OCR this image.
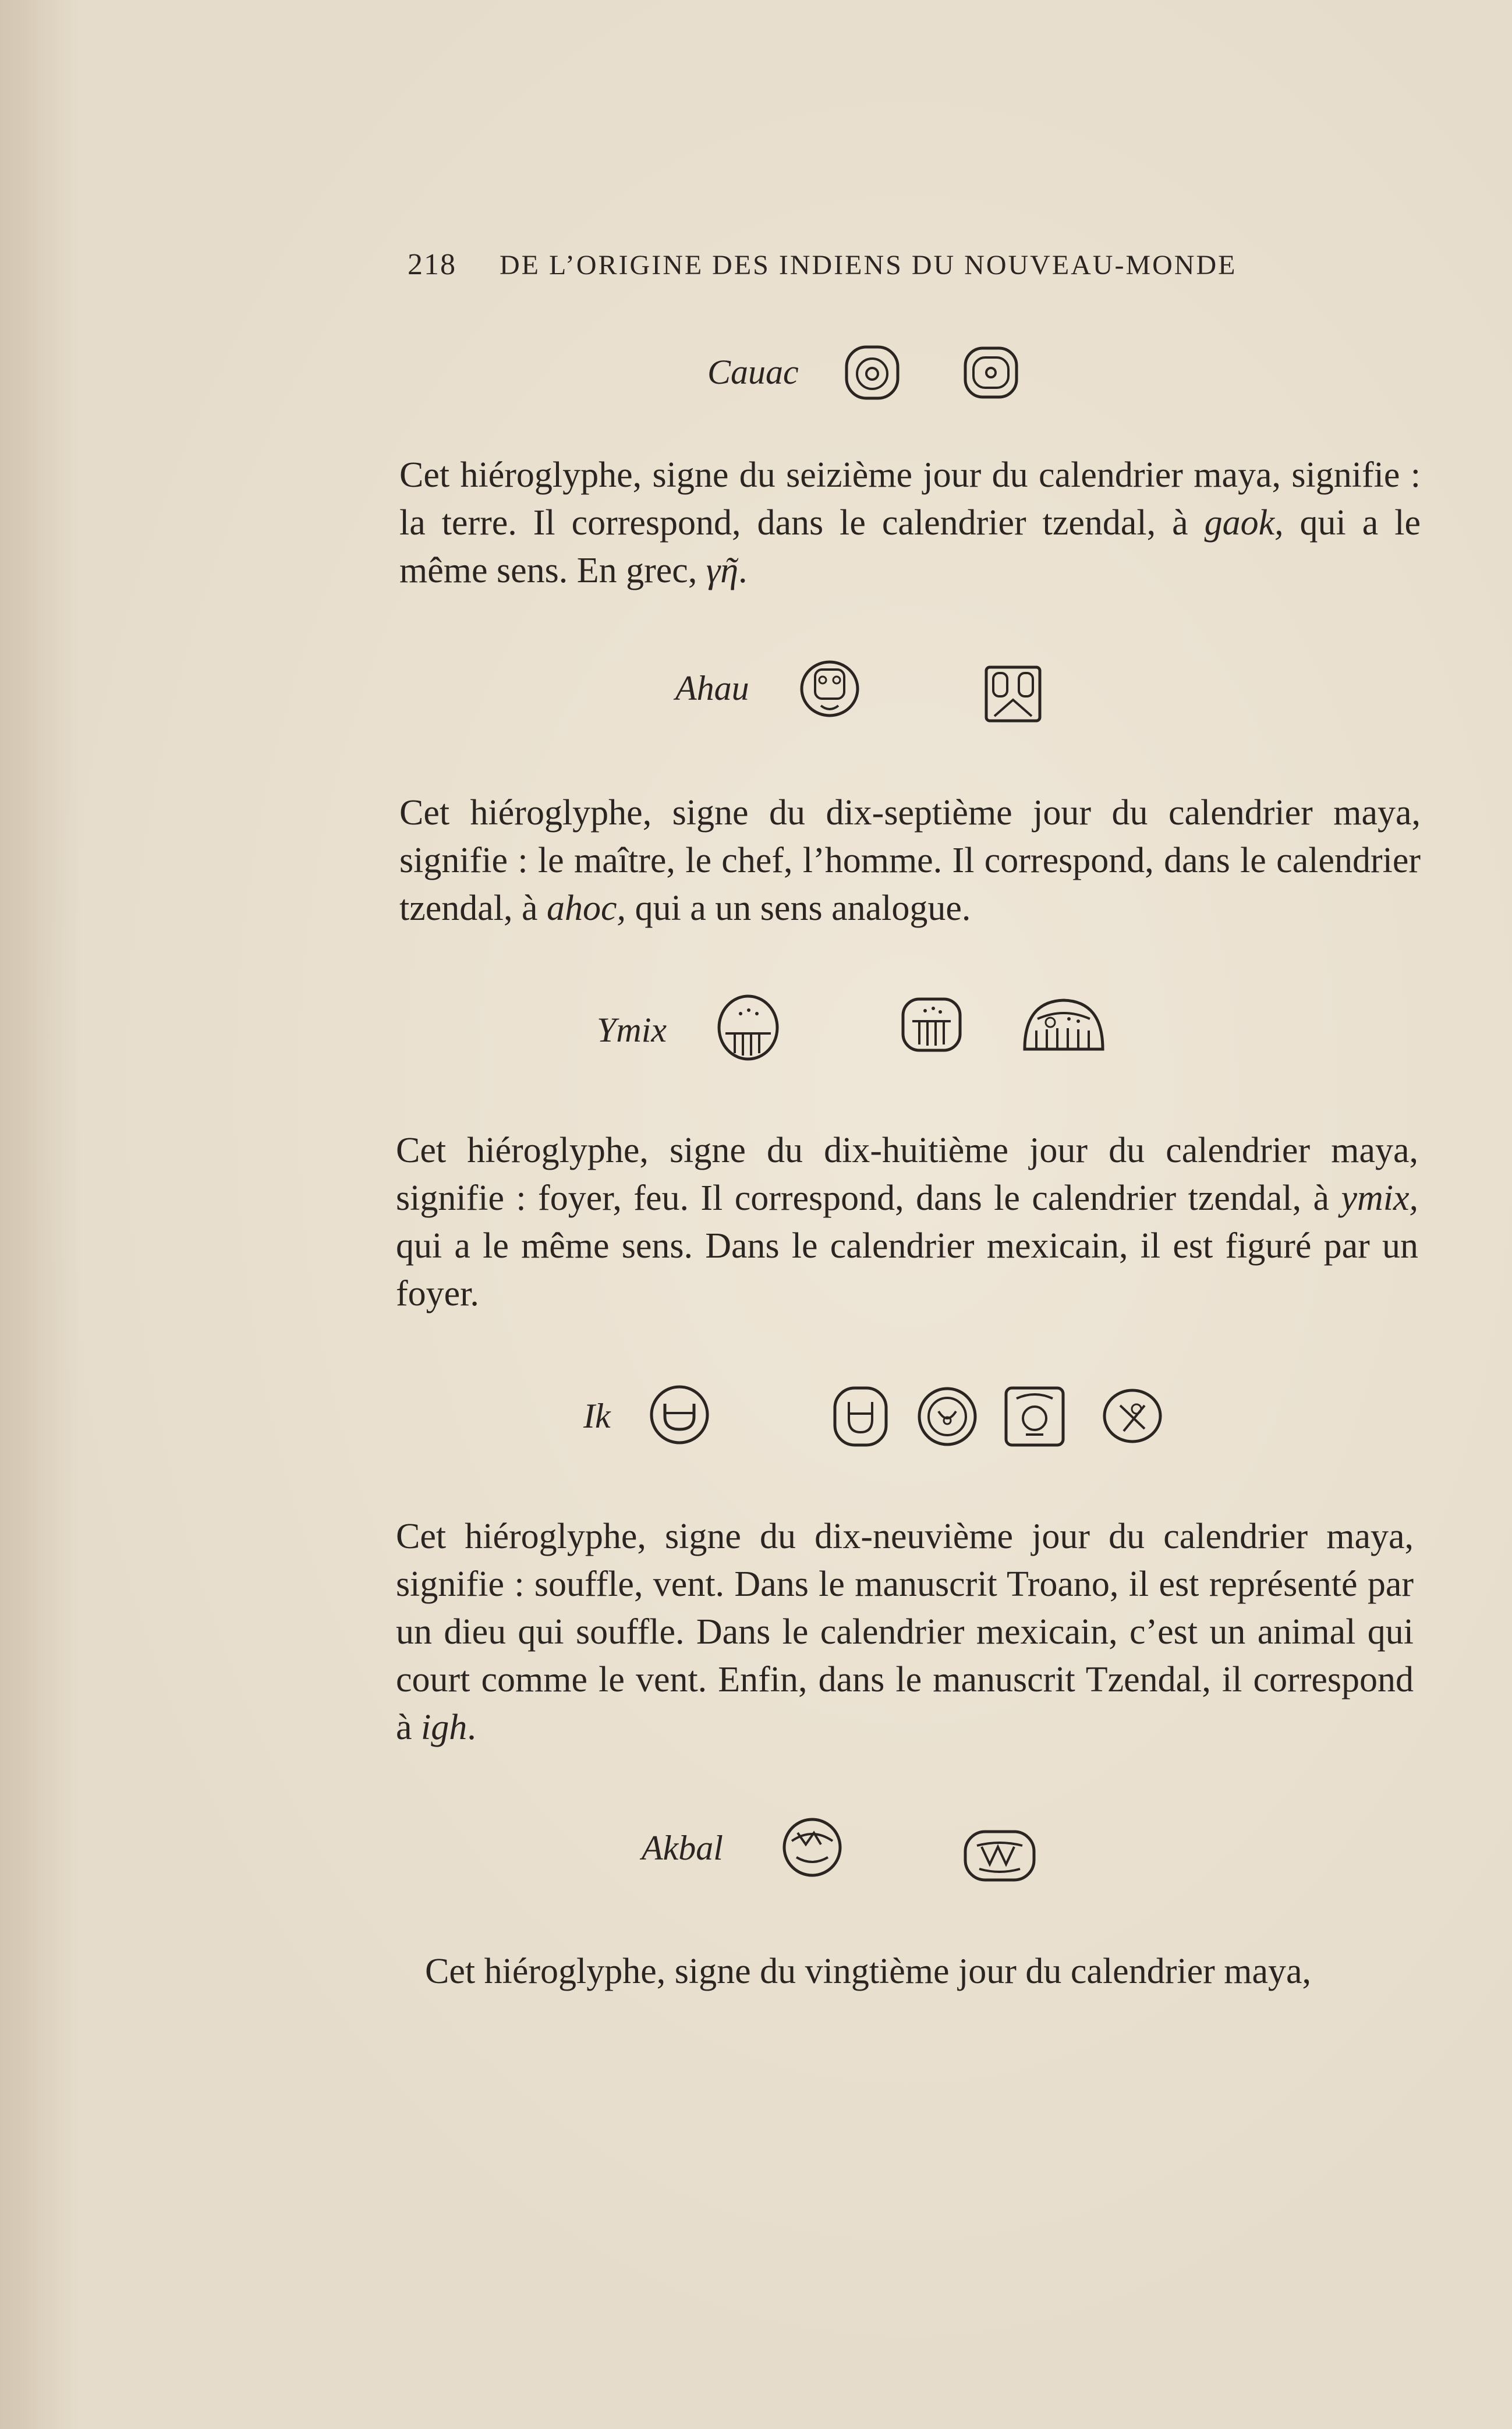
218 DE L’ORIGINE DES INDIENS DU NOUVEAU-MONDE
Cauac

Cet hiéroglyphe, signe du seizième jour du calendrier maya, signifie : la terre. Il correspond, dans le calendrier tzendal, à gaok, qui a le même sens. En grec, γῆ.

Ahau

Cet hiéroglyphe, signe du dix-septième jour du calendrier maya, signifie : le maître, le chef, l’homme. Il correspond, dans le calendrier tzendal, à ahoc, qui a un sens analogue.

Ymix

Cet hiéroglyphe, signe du dix-huitième jour du calendrier maya, signifie : foyer, feu. Il correspond, dans le calendrier tzendal, à ymix, qui a le même sens. Dans le calendrier mexicain, il est figuré par un foyer.

Ik

Cet hiéroglyphe, signe du dix-neuvième jour du calendrier maya, signifie : souffle, vent. Dans le manuscrit Troano, il est représenté par un dieu qui souffle. Dans le calendrier mexicain, c’est un animal qui court comme le vent. Enfin, dans le manuscrit Tzendal, il correspond à igh.

Akbal

Cet hiéroglyphe, signe du vingtième jour du calendrier maya,
